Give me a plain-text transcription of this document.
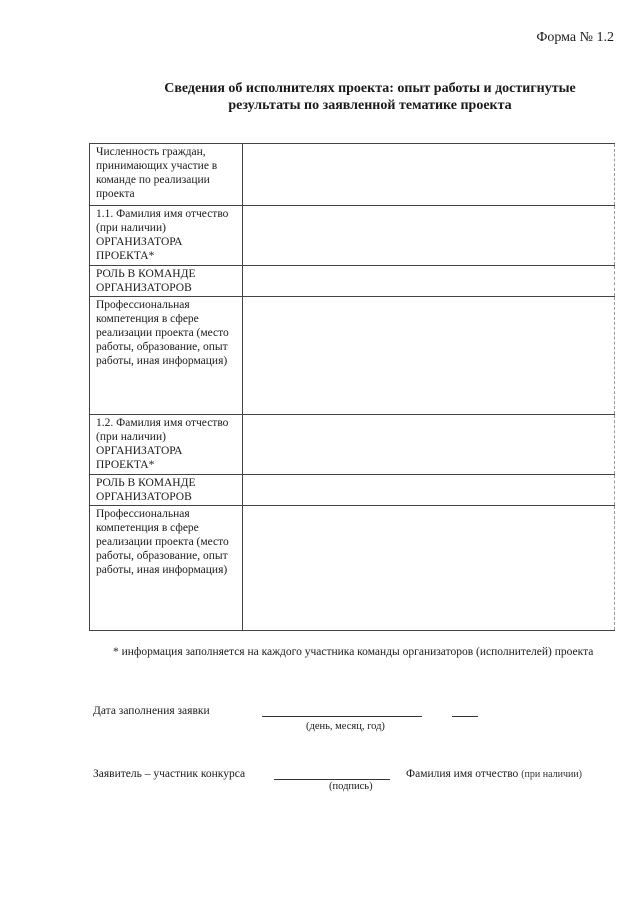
Форма № 1.2
Сведения об исполнителях проекта: опыт работы и достигнутые результаты по заявленной тематике проекта
Численность граждан, принимающих участие в команде по реализации проекта	
1.1. Фамилия имя отчество (при наличии) ОРГАНИЗАТОРА ПРОЕКТА*	
РОЛЬ В КОМАНДЕ ОРГАНИЗАТОРОВ	
Профессиональная компетенция в сфере реализации проекта (место работы, образование, опыт работы, иная информация)	
1.2. Фамилия имя отчество (при наличии) ОРГАНИЗАТОРА ПРОЕКТА*	
РОЛЬ В КОМАНДЕ ОРГАНИЗАТОРОВ	
Профессиональная компетенция в сфере реализации проекта (место работы, образование, опыт работы, иная информация)	
* информация заполняется на каждого участника команды организаторов (исполнителей) проекта
Дата заполнения заявки
(день, месяц, год)
Заявитель – участник конкурса
(подпись)
Фамилия имя отчество (при наличии)
